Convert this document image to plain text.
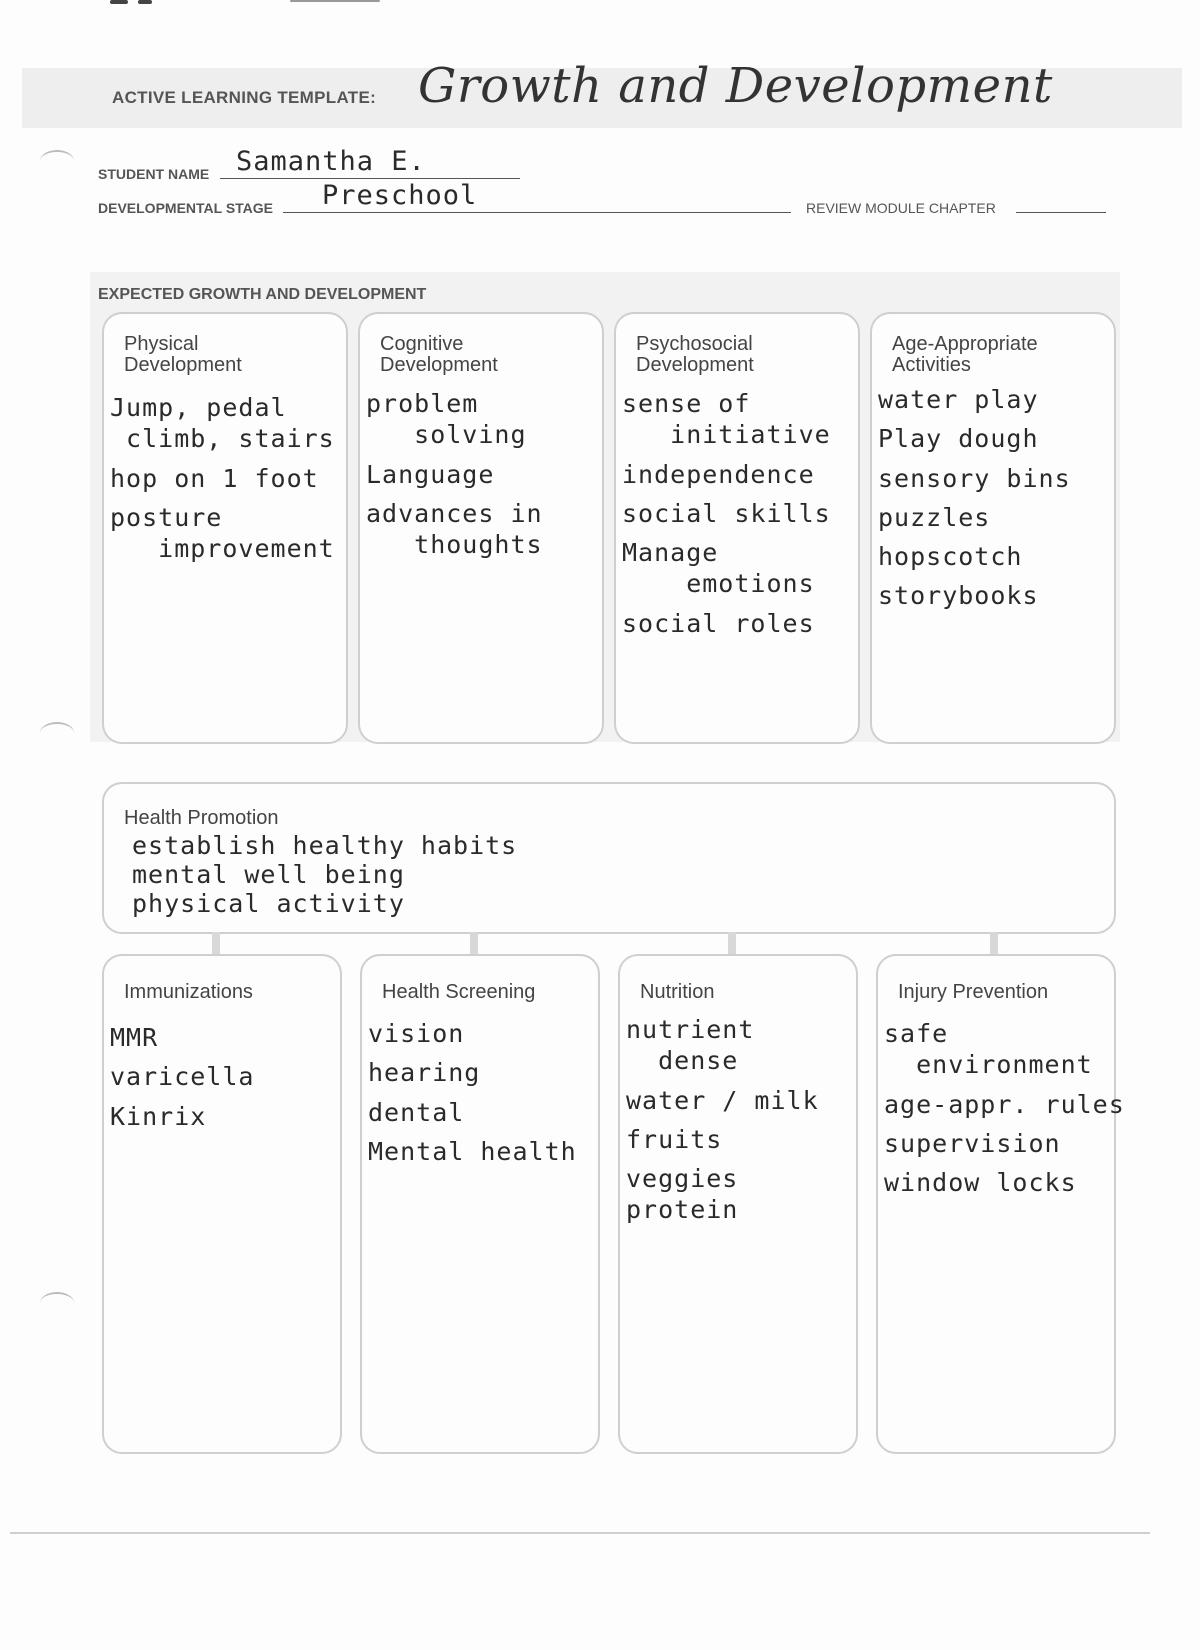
ACTIVE LEARNING TEMPLATE: Growth and Development
STUDENT NAME Samantha E.
DEVELOPMENTAL STAGE Preschool	REVIEW MODULE CHAPTER
EXPECTED GROWTH AND DEVELOPMENT
Physical Development
Jump, pedal
climb, stairs
hop on 1 foot
posture
improvement
Cognitive Development
problem
solving
Language
advances in
thoughts
Psychosocial Development
sense of
initiative
independence
social skills
Manage
emotions
social roles
Age-Appropriate Activities
water play
Play dough
sensory bins
puzzles
hopscotch
storybooks
Health Promotion
establish healthy habits
mental well being
physical activity
Immunizations
MMR
varicella
Kinrix
Health Screening
vision
hearing
dental
Mental health
Nutrition
nutrient
dense
water / milk
fruits
veggies
protein
Injury Prevention
safe
environment
age-appr. rules
supervision
window locks
